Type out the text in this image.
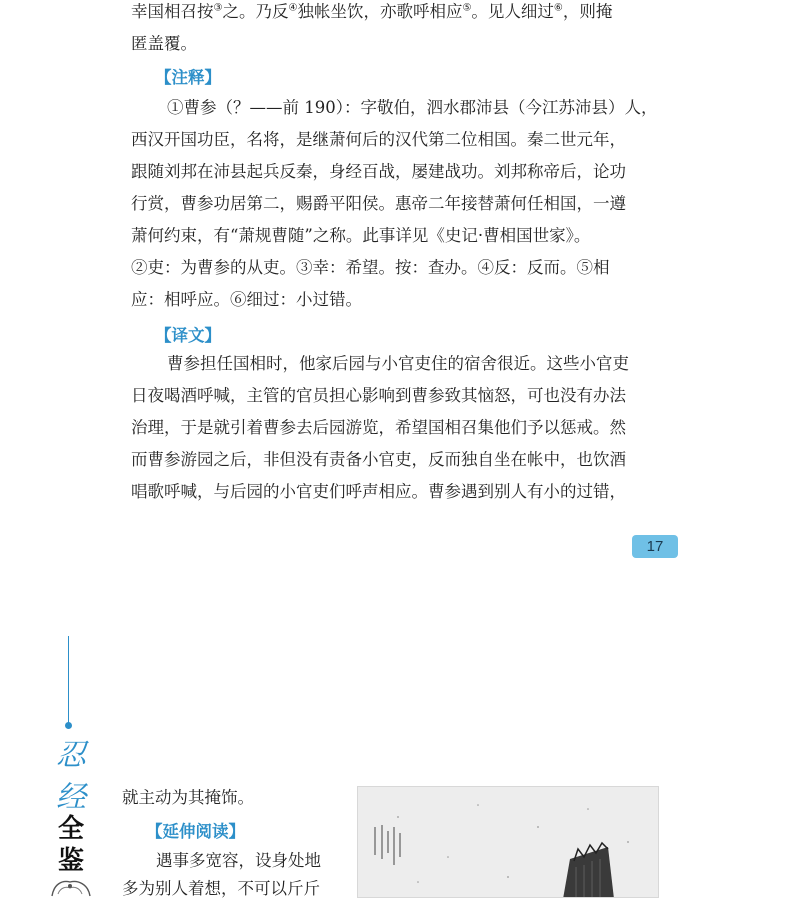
幸国相召按③之。乃反④独帐坐饮，亦歌呼相应⑤。见人细过⑥，则掩
匿盖覆。
【注释】
①曹参（？——前 190）：字敬伯，泗水郡沛县（今江苏沛县）人，
西汉开国功臣，名将，是继萧何后的汉代第二位相国。秦二世元年，
跟随刘邦在沛县起兵反秦，身经百战，屡建战功。刘邦称帝后，论功
行赏，曹参功居第二，赐爵平阳侯。惠帝二年接替萧何任相国，一遵
萧何约束，有“萧规曹随”之称。此事详见《史记·曹相国世家》。
②吏：为曹参的从吏。③幸：希望。按：查办。④反：反而。⑤相
应：相呼应。⑥细过：小过错。
【译文】
曹参担任国相时，他家后园与小官吏住的宿舍很近。这些小官吏
日夜喝酒呼喊，主管的官员担心影响到曹参致其恼怒，可也没有办法
治理，于是就引着曹参去后园游览，希望国相召集他们予以惩戒。然
而曹参游园之后，非但没有责备小官吏，反而独自坐在帐中，也饮酒
唱歌呼喊，与后园的小官吏们呼声相应。曹参遇到别人有小的过错，
17
忍
经
全
鉴
就主动为其掩饰。
【延伸阅读】
遇事多宽容，设身处地
多为别人着想，不可以斤斤
